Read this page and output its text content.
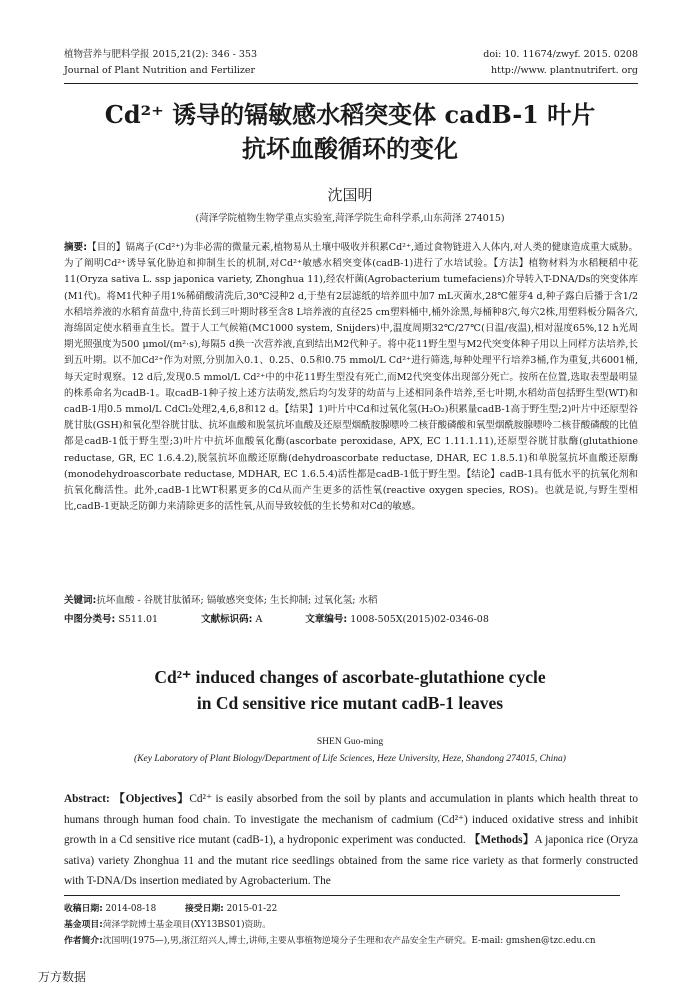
植物营养与肥料学报 2015,21(2): 346 - 353	doi: 10. 11674/zwyf. 2015. 0208
Journal of Plant Nutrition and Fertilizer	http://www. plantnutrifert. org
Cd²⁺ 诱导的镉敏感水稻突变体 cadB-1 叶片
抗坏血酸循环的变化
沈国明
(菏泽学院植物生物学重点实验室,菏泽学院生命科学系,山东菏泽 274015)
摘要:【目的】镉离子(Cd²⁺)为非必需的微量元素,植物易从土壤中吸收并积累Cd²⁺,通过食物链进入人体内,对人类的健康造成重大威胁。为了阐明Cd²⁺诱导氧化胁迫和抑制生长的机制,对Cd²⁺敏感水稻突变体(cadB-1)进行了水培试验。【方法】植物材料为水稻粳稻中花11(Oryza sativa L. ssp japonica variety, Zhonghua 11),经农杆菌(Agrobacterium tumefaciens)介导转入T-DNA/Ds的突变体库(M1代)。将M1代种子用1%稀硝酸清洗后,30℃浸种2 d,于垫有2层滤纸的培养皿中加7 mL灭菌水,28℃催芽4 d,种子露白后播于含1/2水稻培养液的水稻育苗盘中,待苗长到三叶期时移至含8 L培养液的直径25 cm塑料桶中,桶外涂黑,每桶种8穴,每穴2株,用塑料板分隔各穴,海绵固定使水稻垂直生长。置于人工气候箱(MC1000 system, Snijders)中,温度周期32℃/27℃(日温/夜温),相对湿度65%,12 h光周期光照强度为500 μmol/(m²·s),每隔5 d换一次营养液,直到结出M2代种子。将中花11野生型与M2代突变体种子用以上同样方法培养,长到五叶期。以不加Cd²⁺作为对照,分别加入0.1、0.25、0.5和0.75 mmol/L Cd²⁺进行筛选,每种处理平行培养3桶,作为重复,共6001桶,每天定时观察。12 d后,发现0.5 mmol/L Cd²⁺中的中花11野生型没有死亡,而M2代突变体出现部分死亡。按所在位置,选取表型最明显的株系命名为cadB-1。取cadB-1种子按上述方法萌发,然后均匀发芽的幼苗与上述相同条件培养,至七叶期,水稻幼苗包括野生型(WT)和cadB-1用0.5 mmol/L CdCl₂处理2,4,6,8和12 d。【结果】1)叶片中Cd和过氧化氢(H₂O₂)积累量cadB-1高于野生型;2)叶片中还原型谷胱甘肽(GSH)和氧化型谷胱甘肽、抗坏血酸和脱氢抗坏血酸及还原型烟酰胺腺嘌呤二核苷酸磷酸和氧型烟酰胺腺嘌呤二核苷酸磷酸的比值都是cadB-1低于野生型;3)叶片中抗坏血酸氧化酶(ascorbate peroxidase, APX, EC 1.11.1.11),还原型谷胱甘肽酶(glutathione reductase, GR, EC 1.6.4.2),脱氢抗坏血酸还原酶(dehydroascorbate reductase, DHAR, EC 1.8.5.1)和单脱氢抗坏血酸还原酶(monodehydroascorbate reductase, MDHAR, EC 1.6.5.4)活性都是cadB-1低于野生型。【结论】cadB-1具有低水平的抗氧化剂和抗氧化酶活性。此外,cadB-1比WT积累更多的Cd从而产生更多的活性氧(reactive oxygen species, ROS)。也就是说,与野生型相比,cadB-1更缺乏防御力来清除更多的活性氧,从而导致较低的生长势和对Cd的敏感。
关键词:抗坏血酸 - 谷胱甘肽循环; 镉敏感突变体; 生长抑制; 过氧化氢; 水稻
中图分类号: S511.01	文献标识码: A	文章编号: 1008-505X(2015)02-0346-08
Cd²⁺ induced changes of ascorbate-glutathione cycle
in Cd sensitive rice mutant cadB-1 leaves
SHEN Guo-ming
(Key Laboratory of Plant Biology/Department of Life Sciences, Heze University, Heze, Shandong 274015, China)
Abstract: 【Objectives】Cd²⁺ is easily absorbed from the soil by plants and accumulation in plants which health threat to humans through human food chain. To investigate the mechanism of cadmium (Cd²⁺) induced oxidative stress and inhibit growth in a Cd sensitive rice mutant (cadB-1), a hydroponic experiment was conducted. 【Methods】A japonica rice (Oryza sativa) variety Zhonghua 11 and the mutant rice seedlings obtained from the same rice variety as that formerly constructed with T-DNA/Ds insertion mediated by Agrobacterium. The
收稿日期: 2014-08-18	接受日期: 2015-01-22
基金项目:菏泽学院博士基金项目(XY13BS01)资助。
作者简介:沈国明(1975—),男,浙江绍兴人,博士,讲师,主要从事植物逆境分子生理和农产品安全生产研究。E-mail: gmshen@tzc.edu.cn
万方数据
